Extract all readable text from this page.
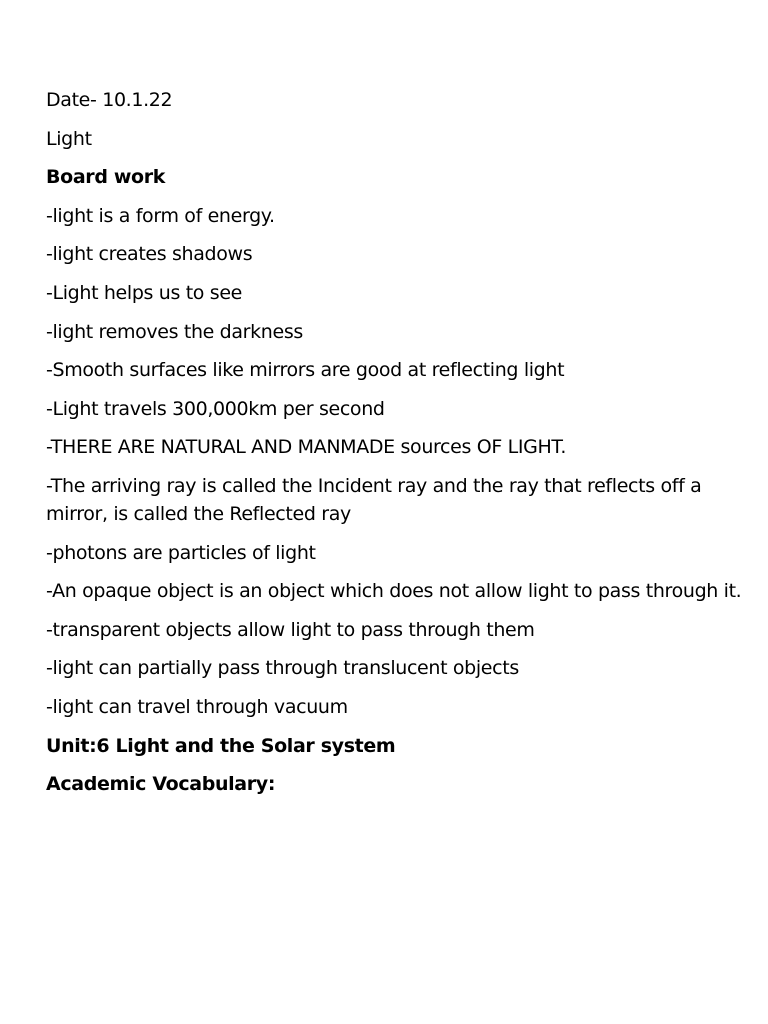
Date- 10.1.22

Light

Board work

-light is a form of energy.

-light creates shadows

-Light helps us to see

-light removes the darkness

-Smooth surfaces like mirrors are good at reflecting light

-Light travels 300,000km per second

-THERE ARE NATURAL AND MANMADE sources OF LIGHT.

-The arriving ray is called the Incident ray and the ray that reflects off a mirror, is called the Reflected ray

-photons are particles of light

-An opaque object is an object which does not allow light to pass through it.

-transparent objects allow light to pass through them

-light can partially pass through translucent objects

-light can travel through vacuum

Unit:6 Light and the Solar system

Academic Vocabulary:
